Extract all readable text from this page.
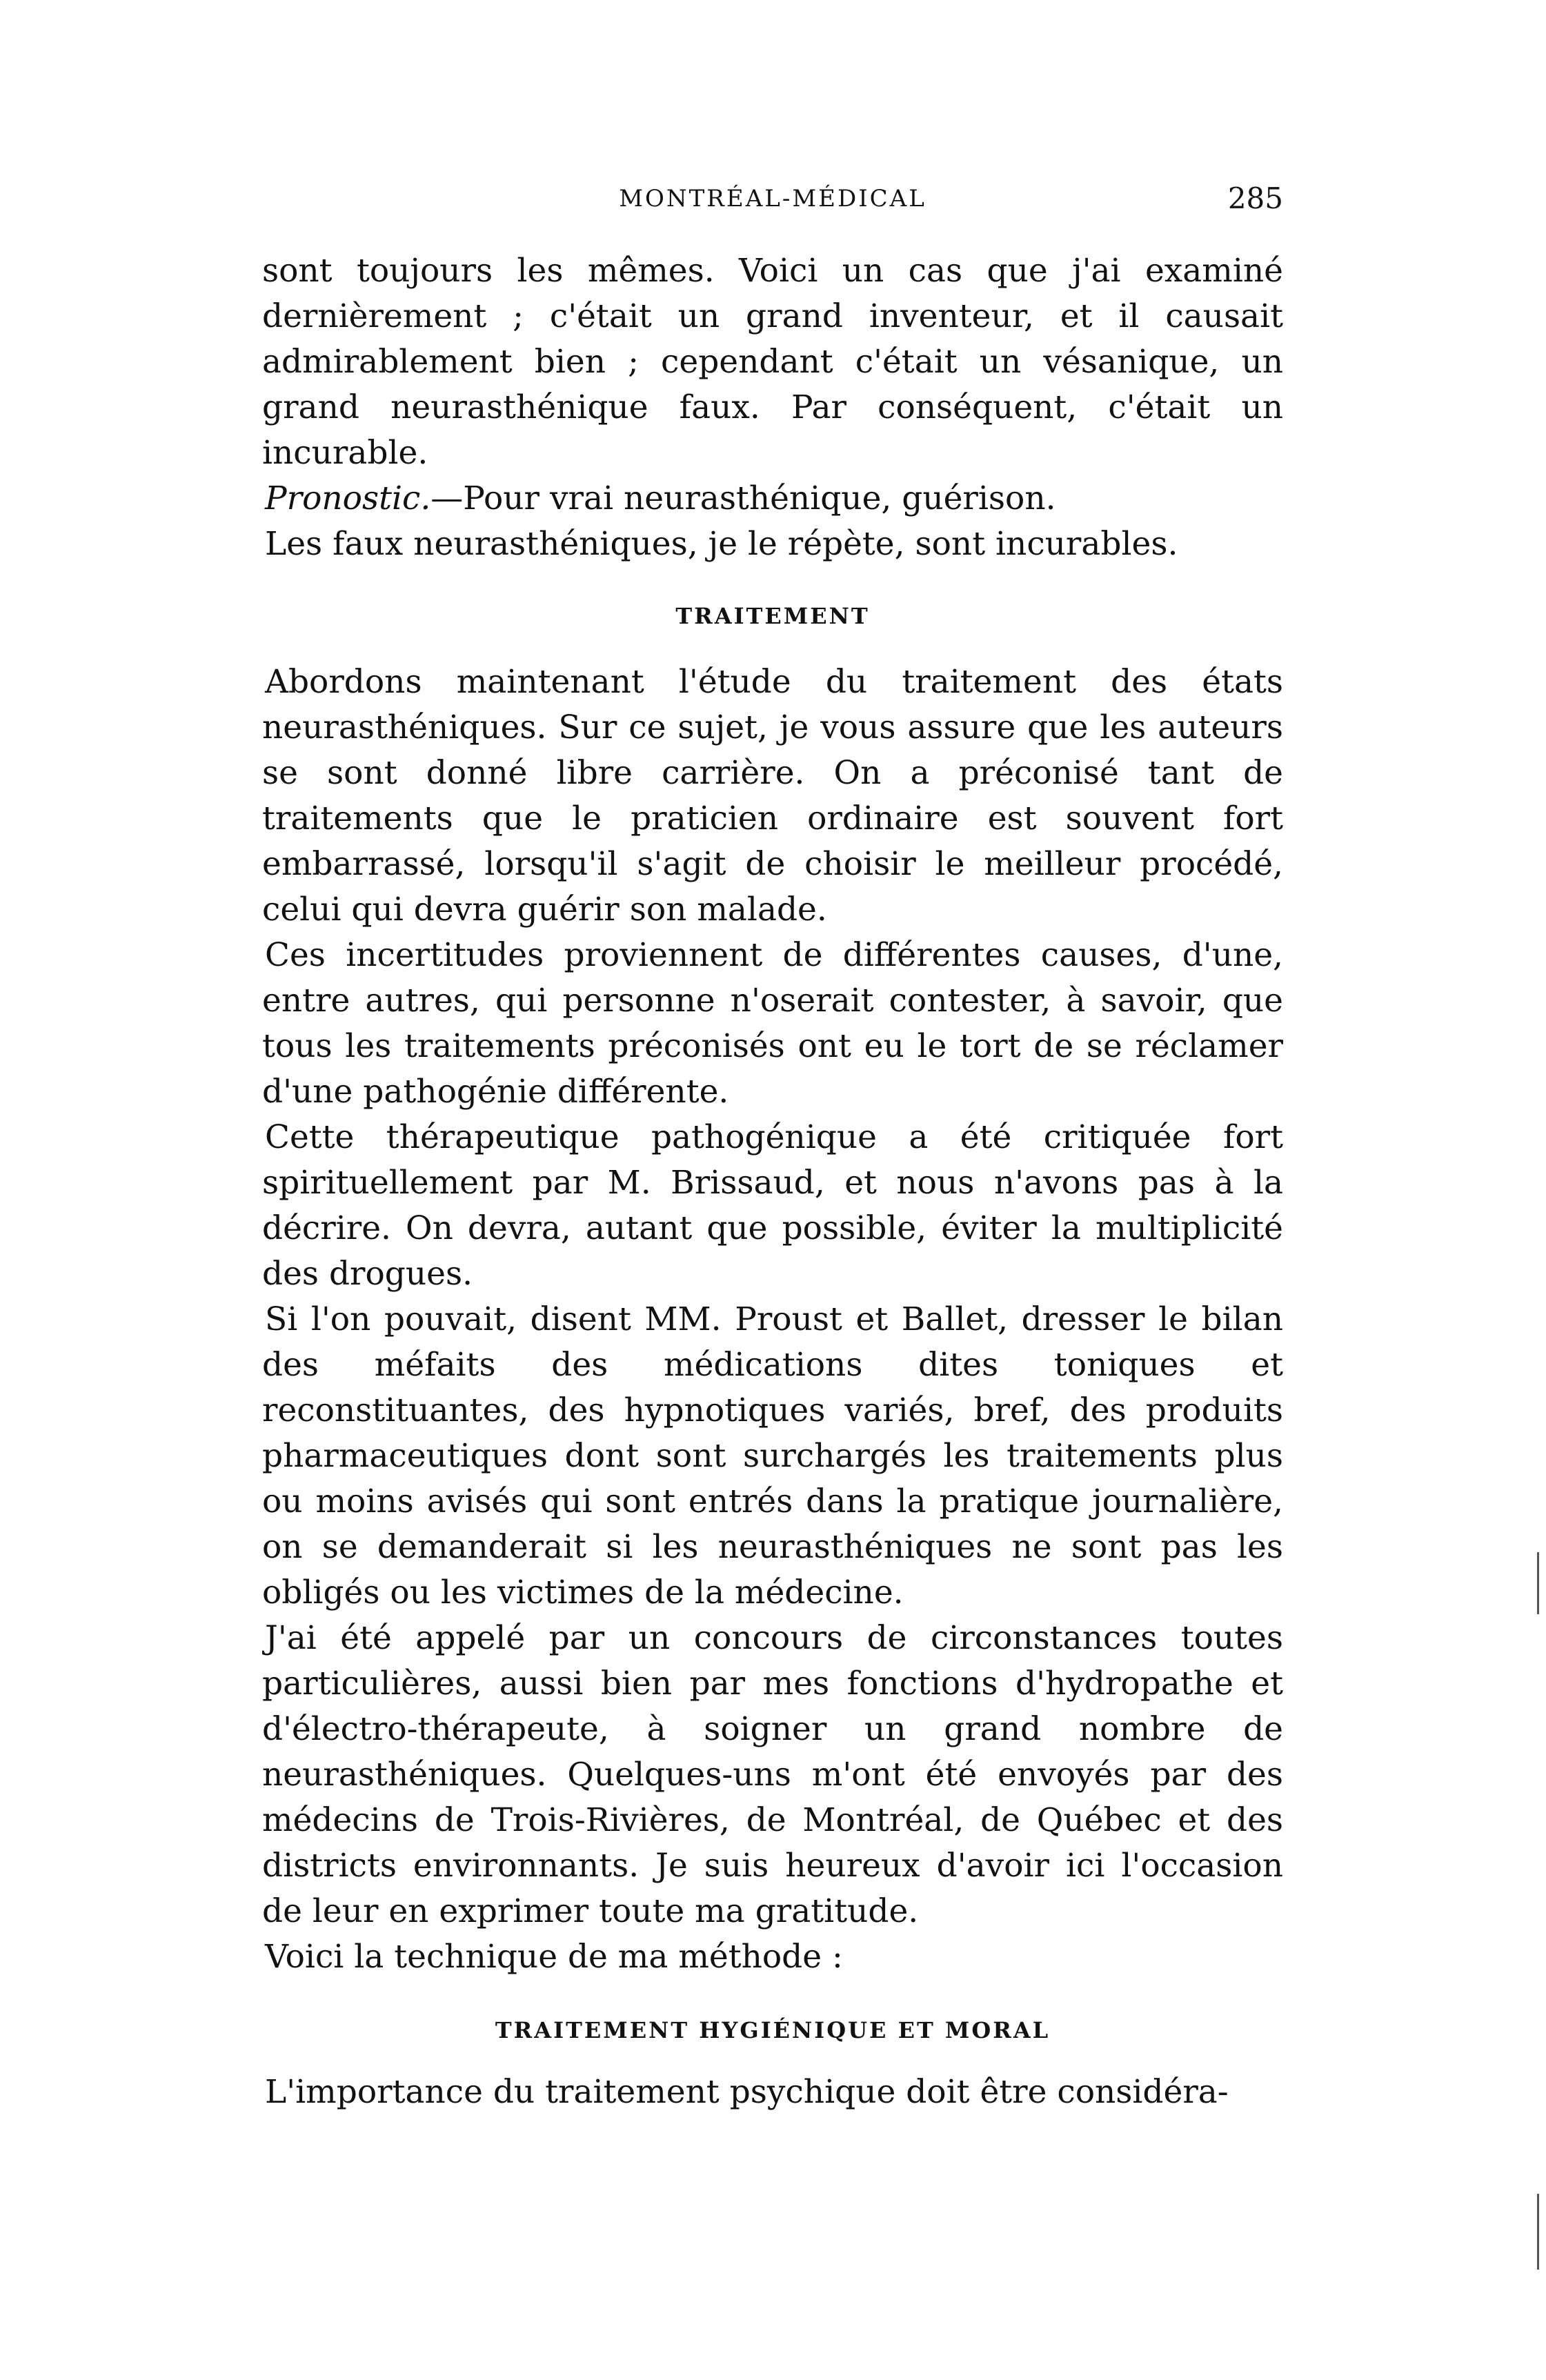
MONTRÉAL-MÉDICAL	285

sont toujours les mêmes. Voici un cas que j'ai examiné dernièrement ; c'était un grand inventeur, et il causait admirablement bien ; cependant c'était un vésanique, un grand neurasthénique faux. Par conséquent, c'était un incurable.

Pronostic.—Pour vrai neurasthénique, guérison.

Les faux neurasthéniques, je le répète, sont incurables.

TRAITEMENT

Abordons maintenant l'étude du traitement des états neurasthéniques. Sur ce sujet, je vous assure que les auteurs se sont donné libre carrière. On a préconisé tant de traitements que le praticien ordinaire est souvent fort embarrassé, lorsqu'il s'agit de choisir le meilleur procédé, celui qui devra guérir son malade.

Ces incertitudes proviennent de différentes causes, d'une, entre autres, qui personne n'oserait contester, à savoir, que tous les traitements préconisés ont eu le tort de se réclamer d'une pathogénie différente.

Cette thérapeutique pathogénique a été critiquée fort spirituellement par M. Brissaud, et nous n'avons pas à la décrire. On devra, autant que possible, éviter la multiplicité des drogues.

Si l'on pouvait, disent MM. Proust et Ballet, dresser le bilan des méfaits des médications dites toniques et reconstituantes, des hypnotiques variés, bref, des produits pharmaceutiques dont sont surchargés les traitements plus ou moins avisés qui sont entrés dans la pratique journalière, on se demanderait si les neurasthéniques ne sont pas les obligés ou les victimes de la médecine.

J'ai été appelé par un concours de circonstances toutes particulières, aussi bien par mes fonctions d'hydropathe et d'électro-thérapeute, à soigner un grand nombre de neurasthéniques. Quelques-uns m'ont été envoyés par des médecins de Trois-Rivières, de Montréal, de Québec et des districts environnants. Je suis heureux d'avoir ici l'occasion de leur en exprimer toute ma gratitude.

Voici la technique de ma méthode :

TRAITEMENT HYGIÉNIQUE ET MORAL

L'importance du traitement psychique doit être considéra-
